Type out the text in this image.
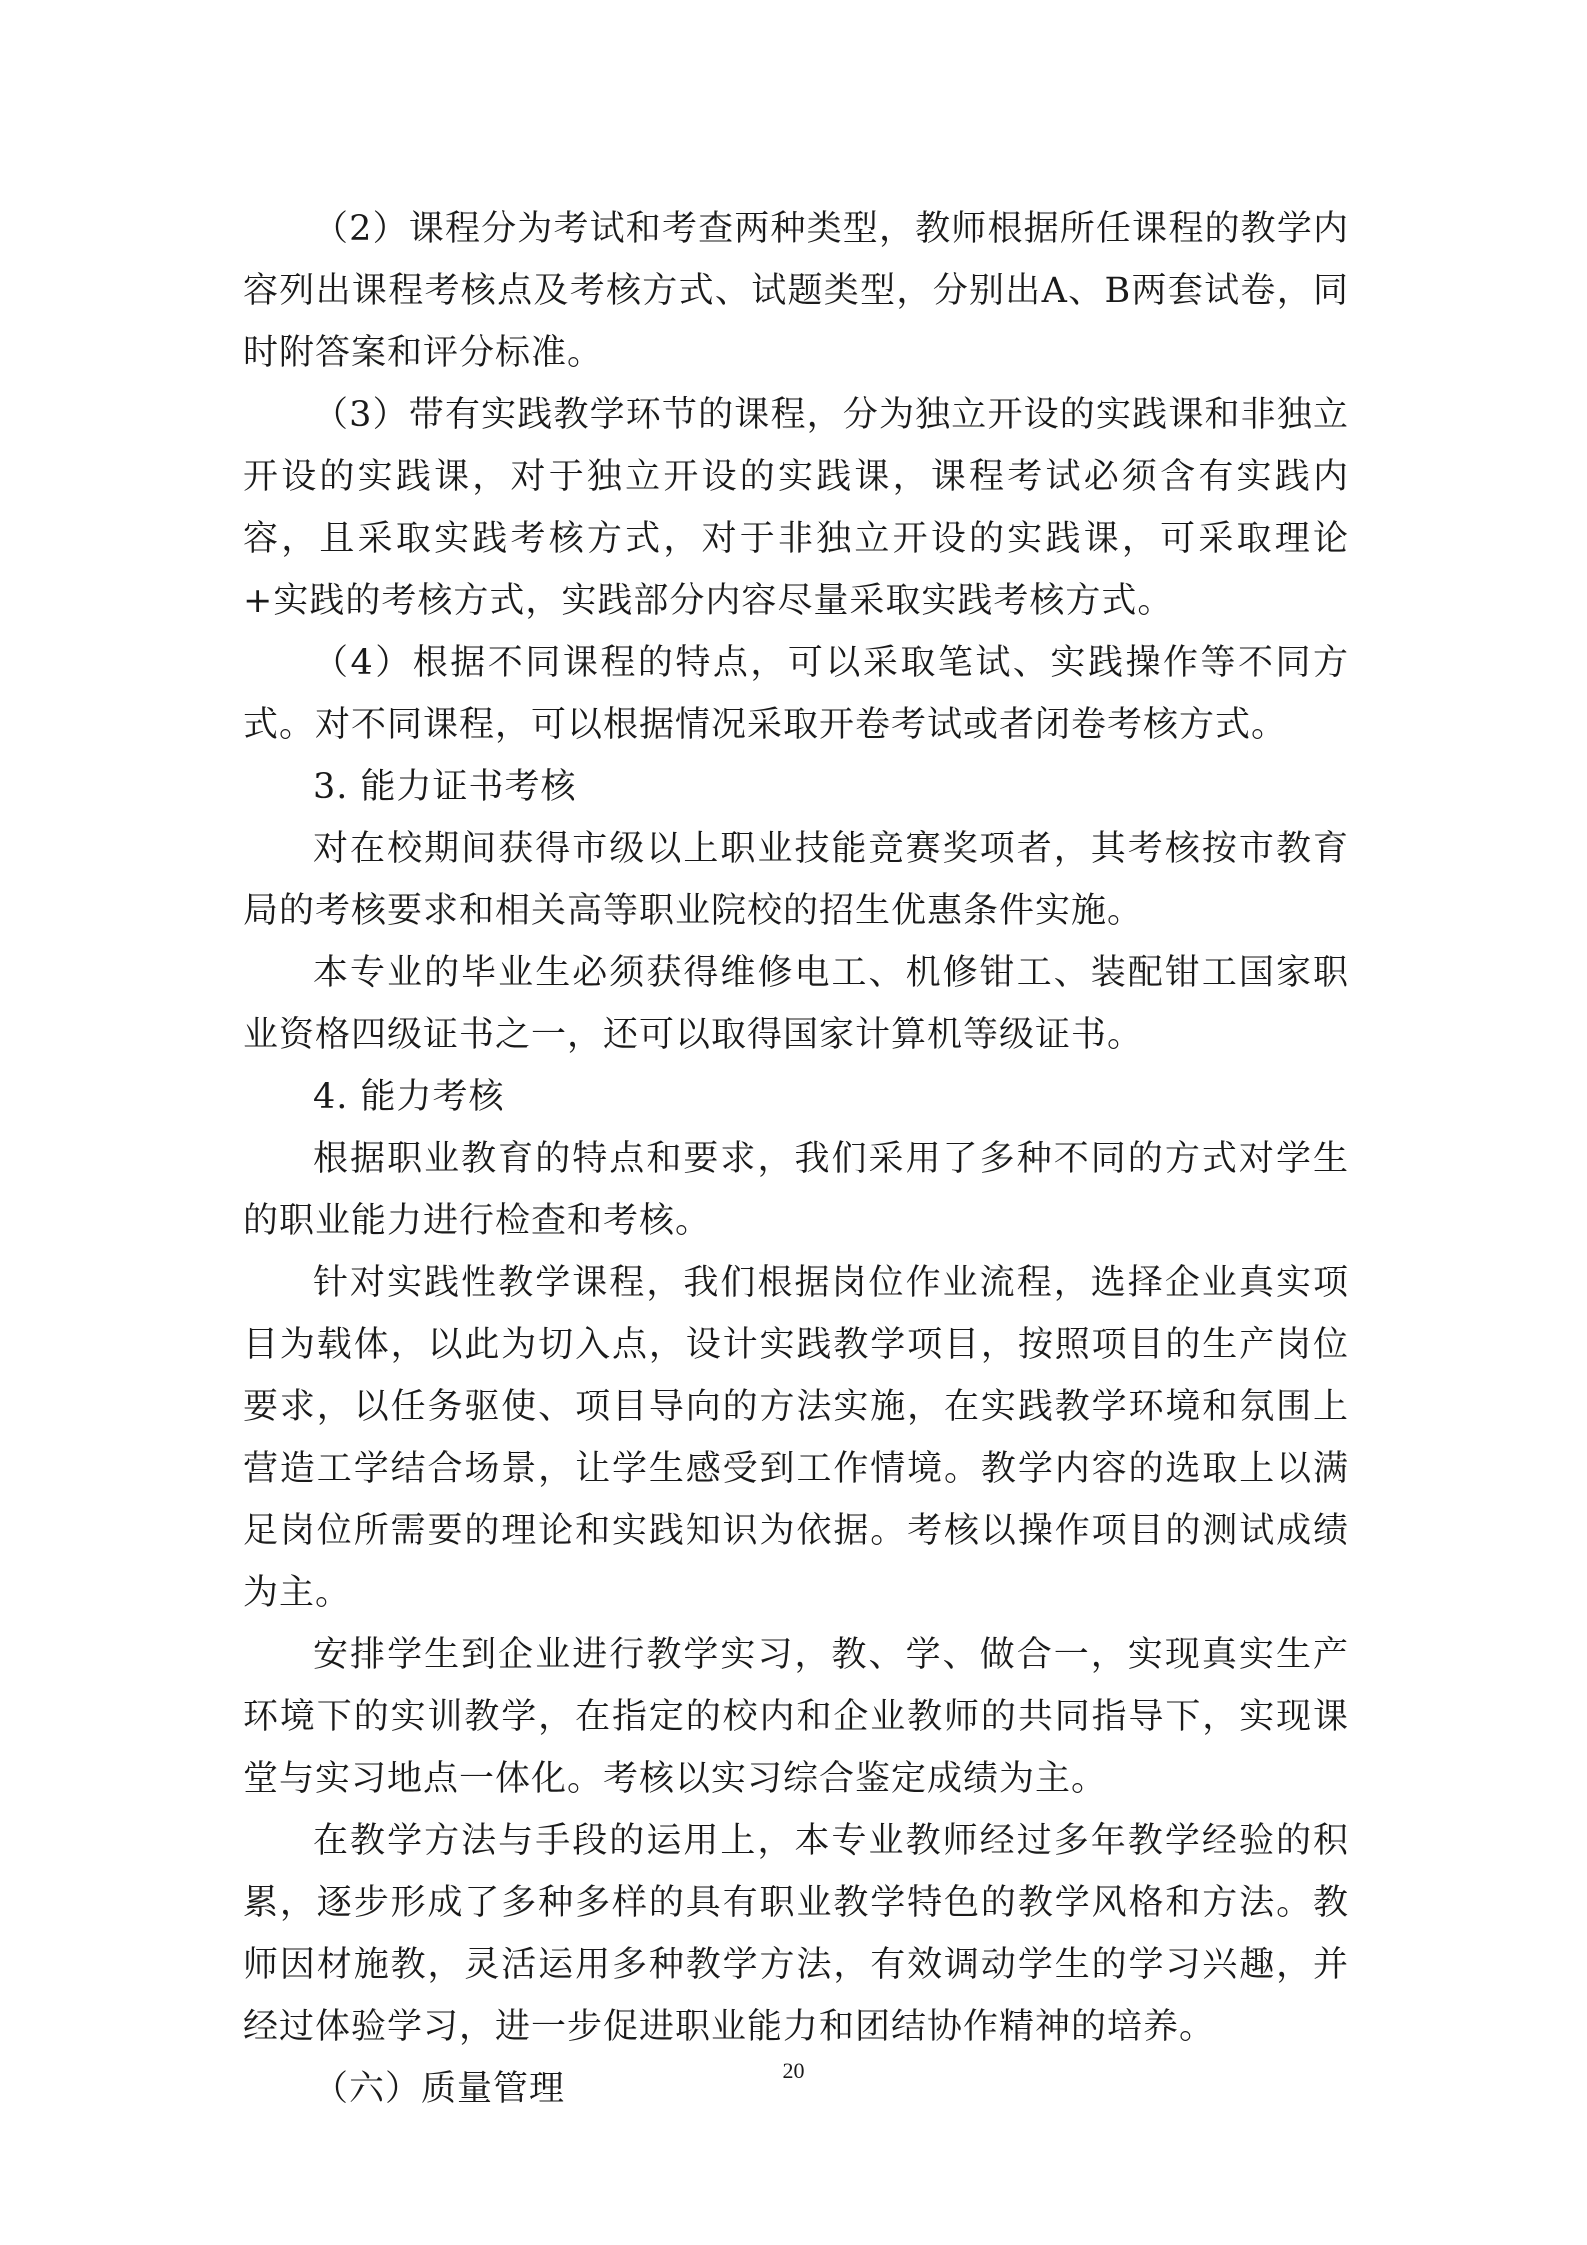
（2）课程分为考试和考查两种类型，教师根据所任课程的教学内容列出课程考核点及考核方式、试题类型，分别出A、B两套试卷，同时附答案和评分标准。

（3）带有实践教学环节的课程，分为独立开设的实践课和非独立开设的实践课，对于独立开设的实践课，课程考试必须含有实践内容，且采取实践考核方式，对于非独立开设的实践课，可采取理论+实践的考核方式，实践部分内容尽量采取实践考核方式。

（4）根据不同课程的特点，可以采取笔试、实践操作等不同方式。对不同课程，可以根据情况采取开卷考试或者闭卷考核方式。

3. 能力证书考核

对在校期间获得市级以上职业技能竞赛奖项者，其考核按市教育局的考核要求和相关高等职业院校的招生优惠条件实施。

本专业的毕业生必须获得维修电工、机修钳工、装配钳工国家职业资格四级证书之一，还可以取得国家计算机等级证书。

4. 能力考核

根据职业教育的特点和要求，我们采用了多种不同的方式对学生的职业能力进行检查和考核。

针对实践性教学课程，我们根据岗位作业流程，选择企业真实项目为载体，以此为切入点，设计实践教学项目，按照项目的生产岗位要求，以任务驱使、项目导向的方法实施，在实践教学环境和氛围上营造工学结合场景，让学生感受到工作情境。教学内容的选取上以满足岗位所需要的理论和实践知识为依据。考核以操作项目的测试成绩为主。

安排学生到企业进行教学实习，教、学、做合一，实现真实生产环境下的实训教学，在指定的校内和企业教师的共同指导下，实现课堂与实习地点一体化。考核以实习综合鉴定成绩为主。

在教学方法与手段的运用上，本专业教师经过多年教学经验的积累，逐步形成了多种多样的具有职业教学特色的教学风格和方法。教师因材施教，灵活运用多种教学方法，有效调动学生的学习兴趣，并经过体验学习，进一步促进职业能力和团结协作精神的培养。

（六）质量管理	20
